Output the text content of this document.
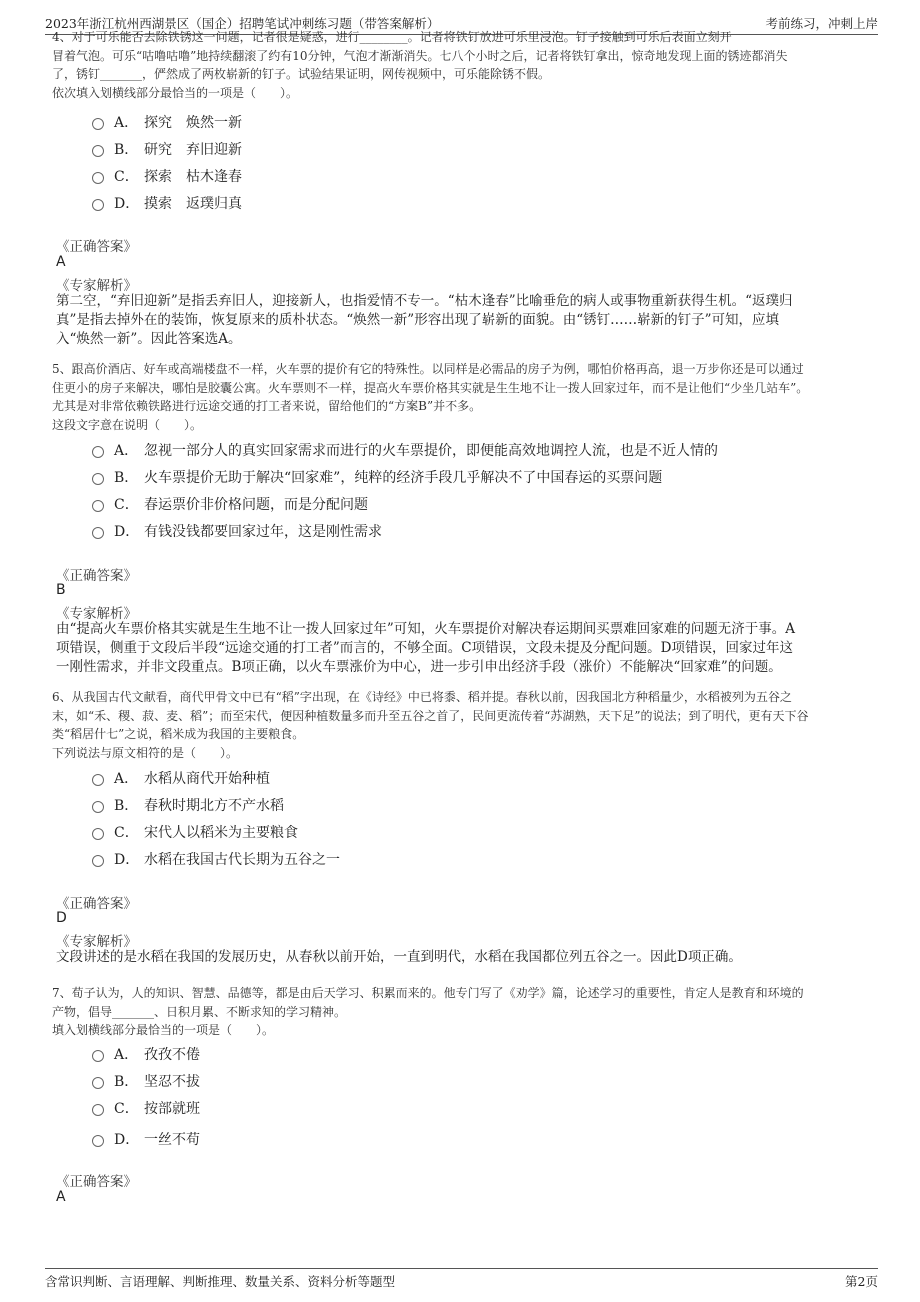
2023年浙江杭州西湖景区（国企）招聘笔试冲刺练习题（带答案解析）	考前练习，冲刺上岸

4、对于可乐能否去除铁锈这一问题，记者很是疑惑，进行________。记者将铁钉放进可乐里浸泡。钉子接触到可乐后表面立刻开

冒着气泡。可乐“咕噜咕噜”地持续翻滚了约有10分钟，气泡才渐渐消失。七八个小时之后，记者将铁钉拿出，惊奇地发现上面的锈迹都消失

了，锈钉_______，俨然成了两枚崭新的钉子。试验结果证明，网传视频中，可乐能除锈不假。

依次填入划横线部分最恰当的一项是（　　）。

A． 探究　焕然一新
B． 研究　弃旧迎新
C． 探索　枯木逢春
D． 摸索　返璞归真
《正确答案》
A
《专家解析》

第二空，“弃旧迎新”是指丢弃旧人，迎接新人，也指爱情不专一。“枯木逢春”比喻垂危的病人或事物重新获得生机。“返璞归

真”是指去掉外在的装饰，恢复原来的质朴状态。“焕然一新”形容出现了崭新的面貌。由“锈钉……崭新的钉子”可知，应填

入“焕然一新”。因此答案选A。

5、跟高价酒店、好车或高端楼盘不一样，火车票的提价有它的特殊性。以同样是必需品的房子为例，哪怕价格再高，退一万步你还是可以通过

住更小的房子来解决，哪怕是胶囊公寓。火车票则不一样，提高火车票价格其实就是生生地不让一拨人回家过年，而不是让他们“少坐几站车”。

尤其是对非常依赖铁路进行远途交通的打工者来说，留给他们的“方案B”并不多。

这段文字意在说明（　　）。

A． 忽视一部分人的真实回家需求而进行的火车票提价，即便能高效地调控人流，也是不近人情的
B． 火车票提价无助于解决“回家难”，纯粹的经济手段几乎解决不了中国春运的买票问题
C． 春运票价非价格问题，而是分配问题
D． 有钱没钱都要回家过年，这是刚性需求
《正确答案》
B
《专家解析》

由“提高火车票价格其实就是生生地不让一拨人回家过年”可知，火车票提价对解决春运期间买票难回家难的问题无济于事。A

项错误，侧重于文段后半段“远途交通的打工者”而言的，不够全面。C项错误，文段未提及分配问题。D项错误，回家过年这

一刚性需求，并非文段重点。B项正确，以火车票涨价为中心，进一步引申出经济手段（涨价）不能解决“回家难”的问题。

6、从我国古代文献看，商代甲骨文中已有“稻”字出现，在《诗经》中已将黍、稻并提。春秋以前，因我国北方种稻量少，水稻被列为五谷之

末，如“禾、稷、菽、麦、稻”；而至宋代，便因种植数量多而升至五谷之首了，民间更流传着“苏湖熟，天下足”的说法；到了明代，更有天下谷

类“稻居什七”之说，稻米成为我国的主要粮食。

下列说法与原文相符的是（　　）。

A． 水稻从商代开始种植
B． 春秋时期北方不产水稻
C． 宋代人以稻米为主要粮食
D． 水稻在我国古代长期为五谷之一
《正确答案》
D
《专家解析》

文段讲述的是水稻在我国的发展历史，从春秋以前开始，一直到明代，水稻在我国都位列五谷之一。因此D项正确。

7、荀子认为，人的知识、智慧、品德等，都是由后天学习、积累而来的。他专门写了《劝学》篇，论述学习的重要性，肯定人是教育和环境的

产物，倡导_______、日积月累、不断求知的学习精神。

填入划横线部分最恰当的一项是（　　）。

A． 孜孜不倦
B． 坚忍不拔
C． 按部就班
D． 一丝不苟
《正确答案》
A
含常识判断、言语理解、判断推理、数量关系、资料分析等题型	第2页
